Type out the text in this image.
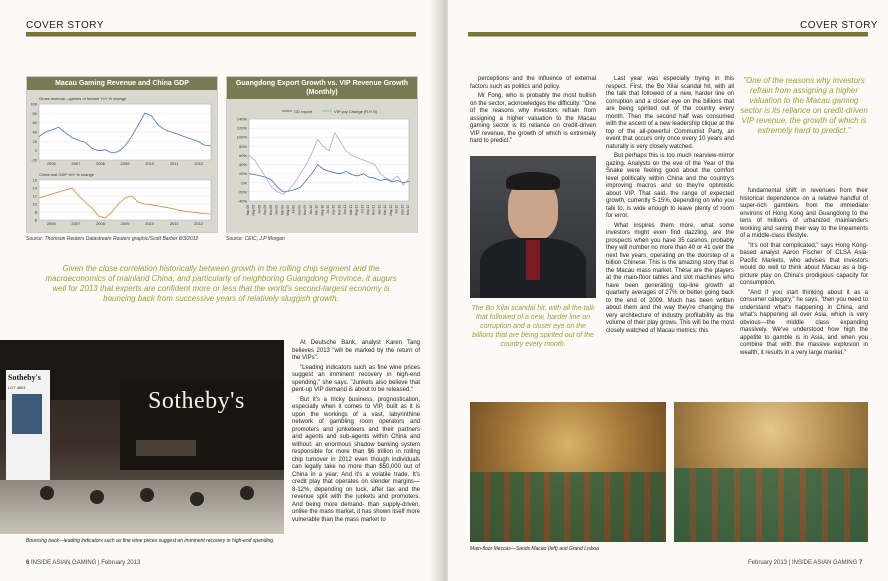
COVER STORY
Macau Gaming Revenue and China GDP
Gross revenue—games of fortune YoY % change
China real GDP YoY % change
-20
0
20
40
60
80
100
2006	2007	2008	2009	2010	2011	2012
6
8
10
12
14
16
2006	2007	2008	2009	2010	2011	2012
Source: Thomson Reuters Datastream Reuters graphic/Scott Barber 8/3/2012
Guangdong Export Growth vs. VIP Revenue Growth (Monthly)
GD export	VIP yoy Change (R.H.S)
140%
120%
100%
80%
60%
40%
20%
0%
-20%
-40%
Mar-08 May-08 Jul-08 Sep-08 Nov-08 Jan-09 Mar-09 May-09 Jul-09 Sep-09 Nov-09 Jan-10 Mar-10 May-10 Jul-10 Sep-10 Nov-10 Jan-11 Mar-11 May-11 Jul-11 Sep-11 Nov-11 Jan-12 Mar-12 May-12 Jul-12 Sep-12 Nov-12
Source: CEIC, J.P Morgan
Given the close correlation historically between growth in the rolling chip segment and the macroeconomics of mainland China, and particularly of neighboring Guangdong Province, it augurs well for 2013 that experts are confident more or less that the world's second-largest economy is bouncing back from successive years of relatively sluggish growth.
Sotheby's
LOT 4681
Sotheby's
Bouncing back—leading indicators such as fine wine prices suggest an imminent recovery in high-end spending.

At Deutsche Bank, analyst Karen Tang believes 2013 "will be marked by the return of the VIPs".

"Leading indicators such as fine wine prices suggest an imminent recovery in high-end spending," she says. "Junkets also believe that pent-up VIP demand is about to be released."

But it's a tricky business, prognostication, especially when it comes to VIP, built as it is upon the workings of a vast, labyrinthine network of gambling room operators and promoters and junketeers and their partners and agents and sub-agents within China and without: an enormous shadow banking system responsible for more than $6 trillion in rolling chip turnover in 2012 even though individuals can legally take no more than $50,000 out of China in a year. And it's a volatile trade. It's credit play that operates on slender margins—8-12%, depending on luck, after tax and the revenue split with the junkets and promoters. And being more demand- than supply-driven, unlike the mass market, it has shown itself more vulnerable than the mass market to

6 INSIDE ASIAN GAMING | February 2013
COVER STORY

perceptions and the influence of external factors such as politics and policy.

Mr Fong, who is probably the most bullish on the sector, acknowledges the difficulty: "One of the reasons why investors refrain from assigning a higher valuation to the Macau gaming sector is its reliance on credit-driven VIP revenue, the growth of which is extremely hard to predict."

The Bo Xilai scandal hit, with all the talk that followed of a new, harder line on corruption and a closer eye on the billions that are being spirited out of the country every month.

Last year was especially trying in this respect. First, the Bo Xilai scandal hit, with all the talk that followed of a new, harder line on corruption and a closer eye on the billions that are being spirited out of the country every month. Then the second half was consumed with the ascent of a new leadership clique at the top of the all-powerful Communist Party, an event that occurs only once every 10 years and naturally is very closely watched.

But perhaps this is too much rearview-mirror gazing. Analysts on the eve of the Year of the Snake were feeling good about the comfort level politically within China and the country's improving macros and so they're optimistic about VIP. That said, the range of expected growth, currently 5-15%, depending on who you talk to, is wide enough to leave plenty of room for error.

What inspires them more, what some investors might even find dazzling, are the prospects when you have 35 casinos, probably they will number no more than 40 or 41 over the next five years, operating on the doorstep of a billion Chinese. This is the amazing story that is the Macau mass market. These are the players at the main-floor tables and slot machines who have been generating top-line growth at quarterly averages of 27% or better going back to the end of 2009. Much has been written about them and the way they're changing the very architecture of industry profitability as the volume of their play grows. This will be the most closely watched of Macau metrics: this

"One of the reasons why investors refrain from assigning a higher valuation to the Macau gaming sector is its reliance on credit-driven VIP revenue, the growth of which is extremely hard to predict."

fundamental shift in revenues from their historical dependence on a relative handful of super-rich gamblers from the immediate environs of Hong Kong and Guangdong to the tens of millions of urbanized mainlanders working and saving their way to the lineaments of a middle-class lifestyle.

"It's not that complicated," says Hong Kong-based analyst Aaron Fischer of CLSA Asia-Pacific Markets, who advises that investors would do well to think about Macau as a big-picture play on China's prodigious capacity for consumption.

"And if you start thinking about it as a consumer category," he says, "then you need to understand what's happening in China, and what's happening all over Asia, which is very obvious—the middle class expanding massively. We've understood how high the appetite to gamble is in Asia, and when you combine that with the massive explosion in wealth, it results in a very large market."

Main-floor Meccas—Sands Macao (left) and Grand Lisboa
February 2013 | INSIDE ASIAN GAMING 7
